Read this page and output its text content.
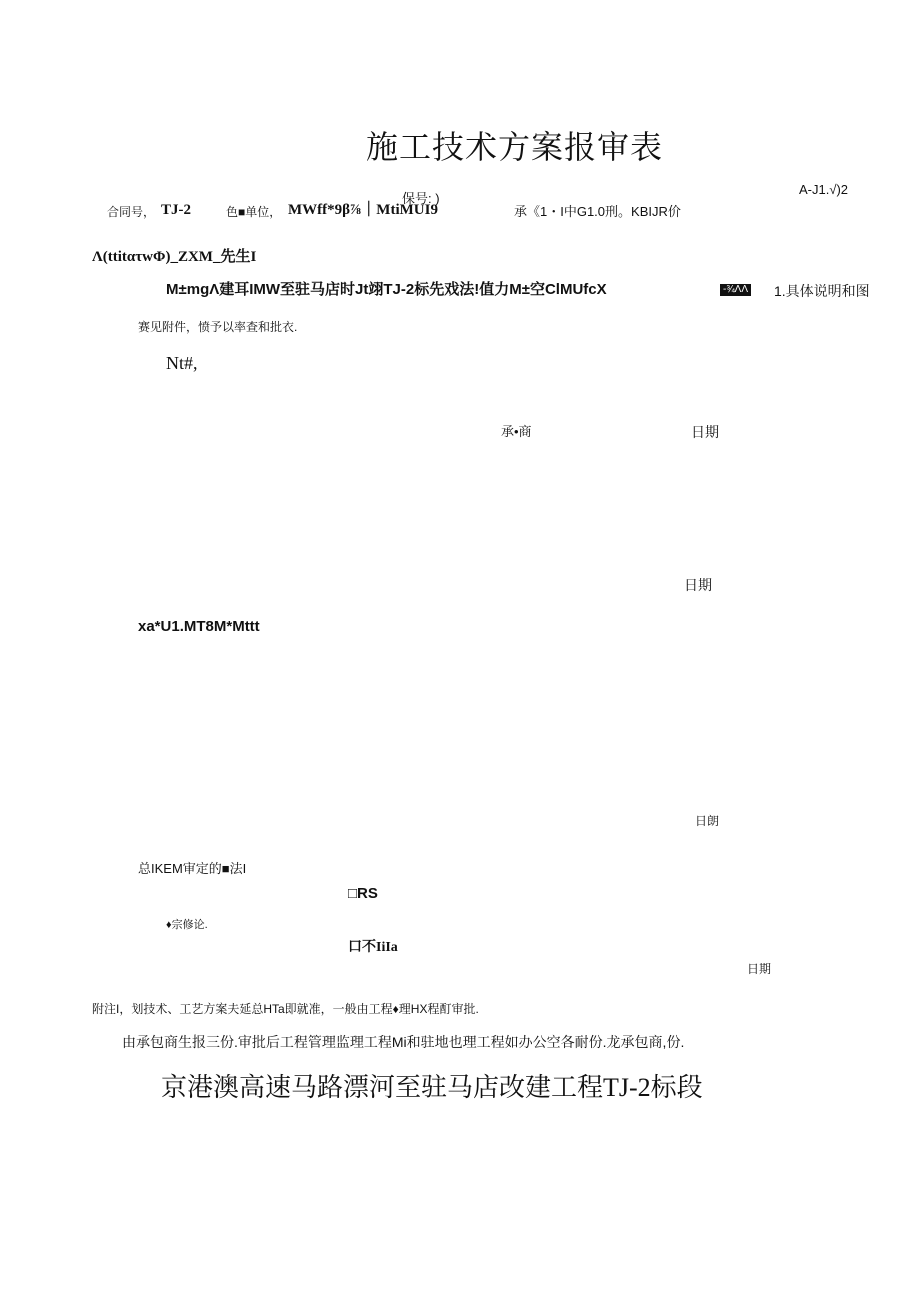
施工技术方案报审表
A-J1.√)2
保号: )
合同号， TJ-2	色■单位， MWff*9β⅞｜MtiMUI9	承《1・I中G1.0刑。KBIJR价
Λ(ttitατwΦ)_ZXM_先生I
M±mgΛ建耳IMW至驻马店时Jt翊TJ-2标先戏法!值力M±空ClMUfcX	-¾ΛΛ 1.具体说明和图
赛见附件，愤予以率查和批衣.
Nt#,
承•商	日期
日期
xa*U1.MT8M*Mttt
日朗
总IKEM审定的■法I
□RS
♦宗修论.
口不IiIa
日期
附注I，划技术、工艺方案夫延总HTa即就准，一般由工程♦理HX程酊审批.
由承包商生报三份.审批后工程管理监理工程Mi和驻地也理工程如办公空各耐份.龙承包商,份.
京港澳高速马路漂河至驻马店改建工程TJ-2标段
